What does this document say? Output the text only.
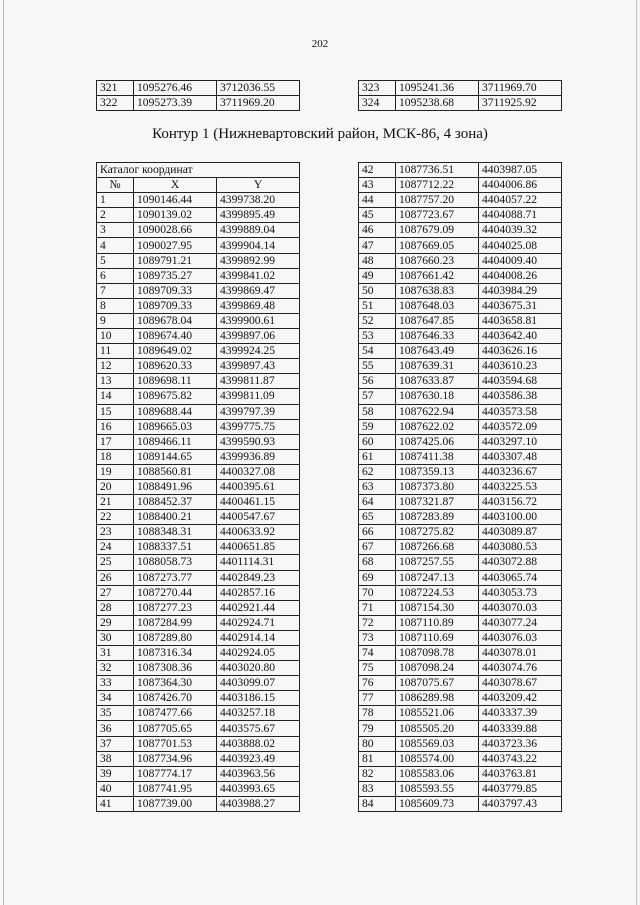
202
321	1095276.46	3712036.55
322	1095273.39	3711969.20
323	1095241.36	3711969.70
324	1095238.68	3711925.92
Контур 1 (Нижневартовский район, МСК-86, 4 зона)
Каталог координат		
№	X	Y
1	1090146.44	4399738.20
2	1090139.02	4399895.49
3	1090028.66	4399889.04
4	1090027.95	4399904.14
5	1089791.21	4399892.99
6	1089735.27	4399841.02
7	1089709.33	4399869.47
8	1089709.33	4399869.48
9	1089678.04	4399900.61
10	1089674.40	4399897.06
11	1089649.02	4399924.25
12	1089620.33	4399897.43
13	1089698.11	4399811.87
14	1089675.82	4399811.09
15	1089688.44	4399797.39
16	1089665.03	4399775.75
17	1089466.11	4399590.93
18	1089144.65	4399936.89
19	1088560.81	4400327.08
20	1088491.96	4400395.61
21	1088452.37	4400461.15
22	1088400.21	4400547.67
23	1088348.31	4400633.92
24	1088337.51	4400651.85
25	1088058.73	4401114.31
26	1087273.77	4402849.23
27	1087270.44	4402857.16
28	1087277.23	4402921.44
29	1087284.99	4402924.71
30	1087289.80	4402914.14
31	1087316.34	4402924.05
32	1087308.36	4403020.80
33	1087364.30	4403099.07
34	1087426.70	4403186.15
35	1087477.66	4403257.18
36	1087705.65	4403575.67
37	1087701.53	4403888.02
38	1087734.96	4403923.49
39	1087774.17	4403963.56
40	1087741.95	4403993.65
41	1087739.00	4403988.27
42	1087736.51	4403987.05
43	1087712.22	4404006.86
44	1087757.20	4404057.22
45	1087723.67	4404088.71
46	1087679.09	4404039.32
47	1087669.05	4404025.08
48	1087660.23	4404009.40
49	1087661.42	4404008.26
50	1087638.83	4403984.29
51	1087648.03	4403675.31
52	1087647.85	4403658.81
53	1087646.33	4403642.40
54	1087643.49	4403626.16
55	1087639.31	4403610.23
56	1087633.87	4403594.68
57	1087630.18	4403586.38
58	1087622.94	4403573.58
59	1087622.02	4403572.09
60	1087425.06	4403297.10
61	1087411.38	4403307.48
62	1087359.13	4403236.67
63	1087373.80	4403225.53
64	1087321.87	4403156.72
65	1087283.89	4403100.00
66	1087275.82	4403089.87
67	1087266.68	4403080.53
68	1087257.55	4403072.88
69	1087247.13	4403065.74
70	1087224.53	4403053.73
71	1087154.30	4403070.03
72	1087110.89	4403077.24
73	1087110.69	4403076.03
74	1087098.78	4403078.01
75	1087098.24	4403074.76
76	1087075.67	4403078.67
77	1086289.98	4403209.42
78	1085521.06	4403337.39
79	1085505.20	4403339.88
80	1085569.03	4403723.36
81	1085574.00	4403743.22
82	1085583.06	4403763.81
83	1085593.55	4403779.85
84	1085609.73	4403797.43
